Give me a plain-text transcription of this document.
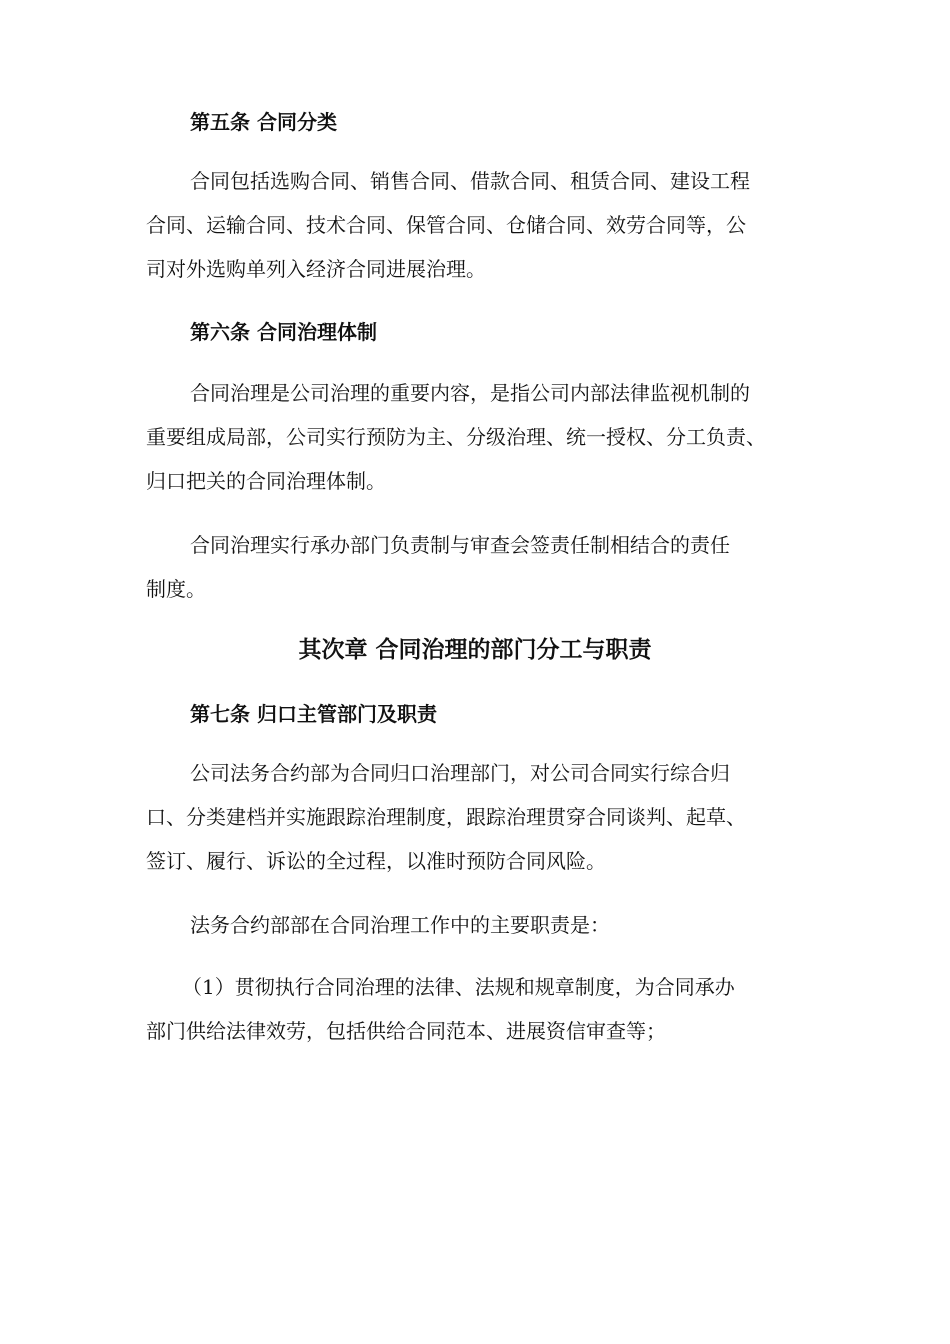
第五条 合同分类
合同包括选购合同、销售合同、借款合同、租赁合同、建设工程
合同、运输合同、技术合同、保管合同、仓储合同、效劳合同等，公
司对外选购单列入经济合同进展治理。
第六条 合同治理体制
合同治理是公司治理的重要内容，是指公司内部法律监视机制的
重要组成局部，公司实行预防为主、分级治理、统一授权、分工负责、
归口把关的合同治理体制。
合同治理实行承办部门负责制与审查会签责任制相结合的责任
制度。
其次章 合同治理的部门分工与职责
第七条 归口主管部门及职责
公司法务合约部为合同归口治理部门，对公司合同实行综合归
口、分类建档并实施跟踪治理制度，跟踪治理贯穿合同谈判、起草、
签订、履行、诉讼的全过程，以准时预防合同风险。
法务合约部部在合同治理工作中的主要职责是：
（1）贯彻执行合同治理的法律、法规和规章制度，为合同承办
部门供给法律效劳，包括供给合同范本、进展资信审查等；
